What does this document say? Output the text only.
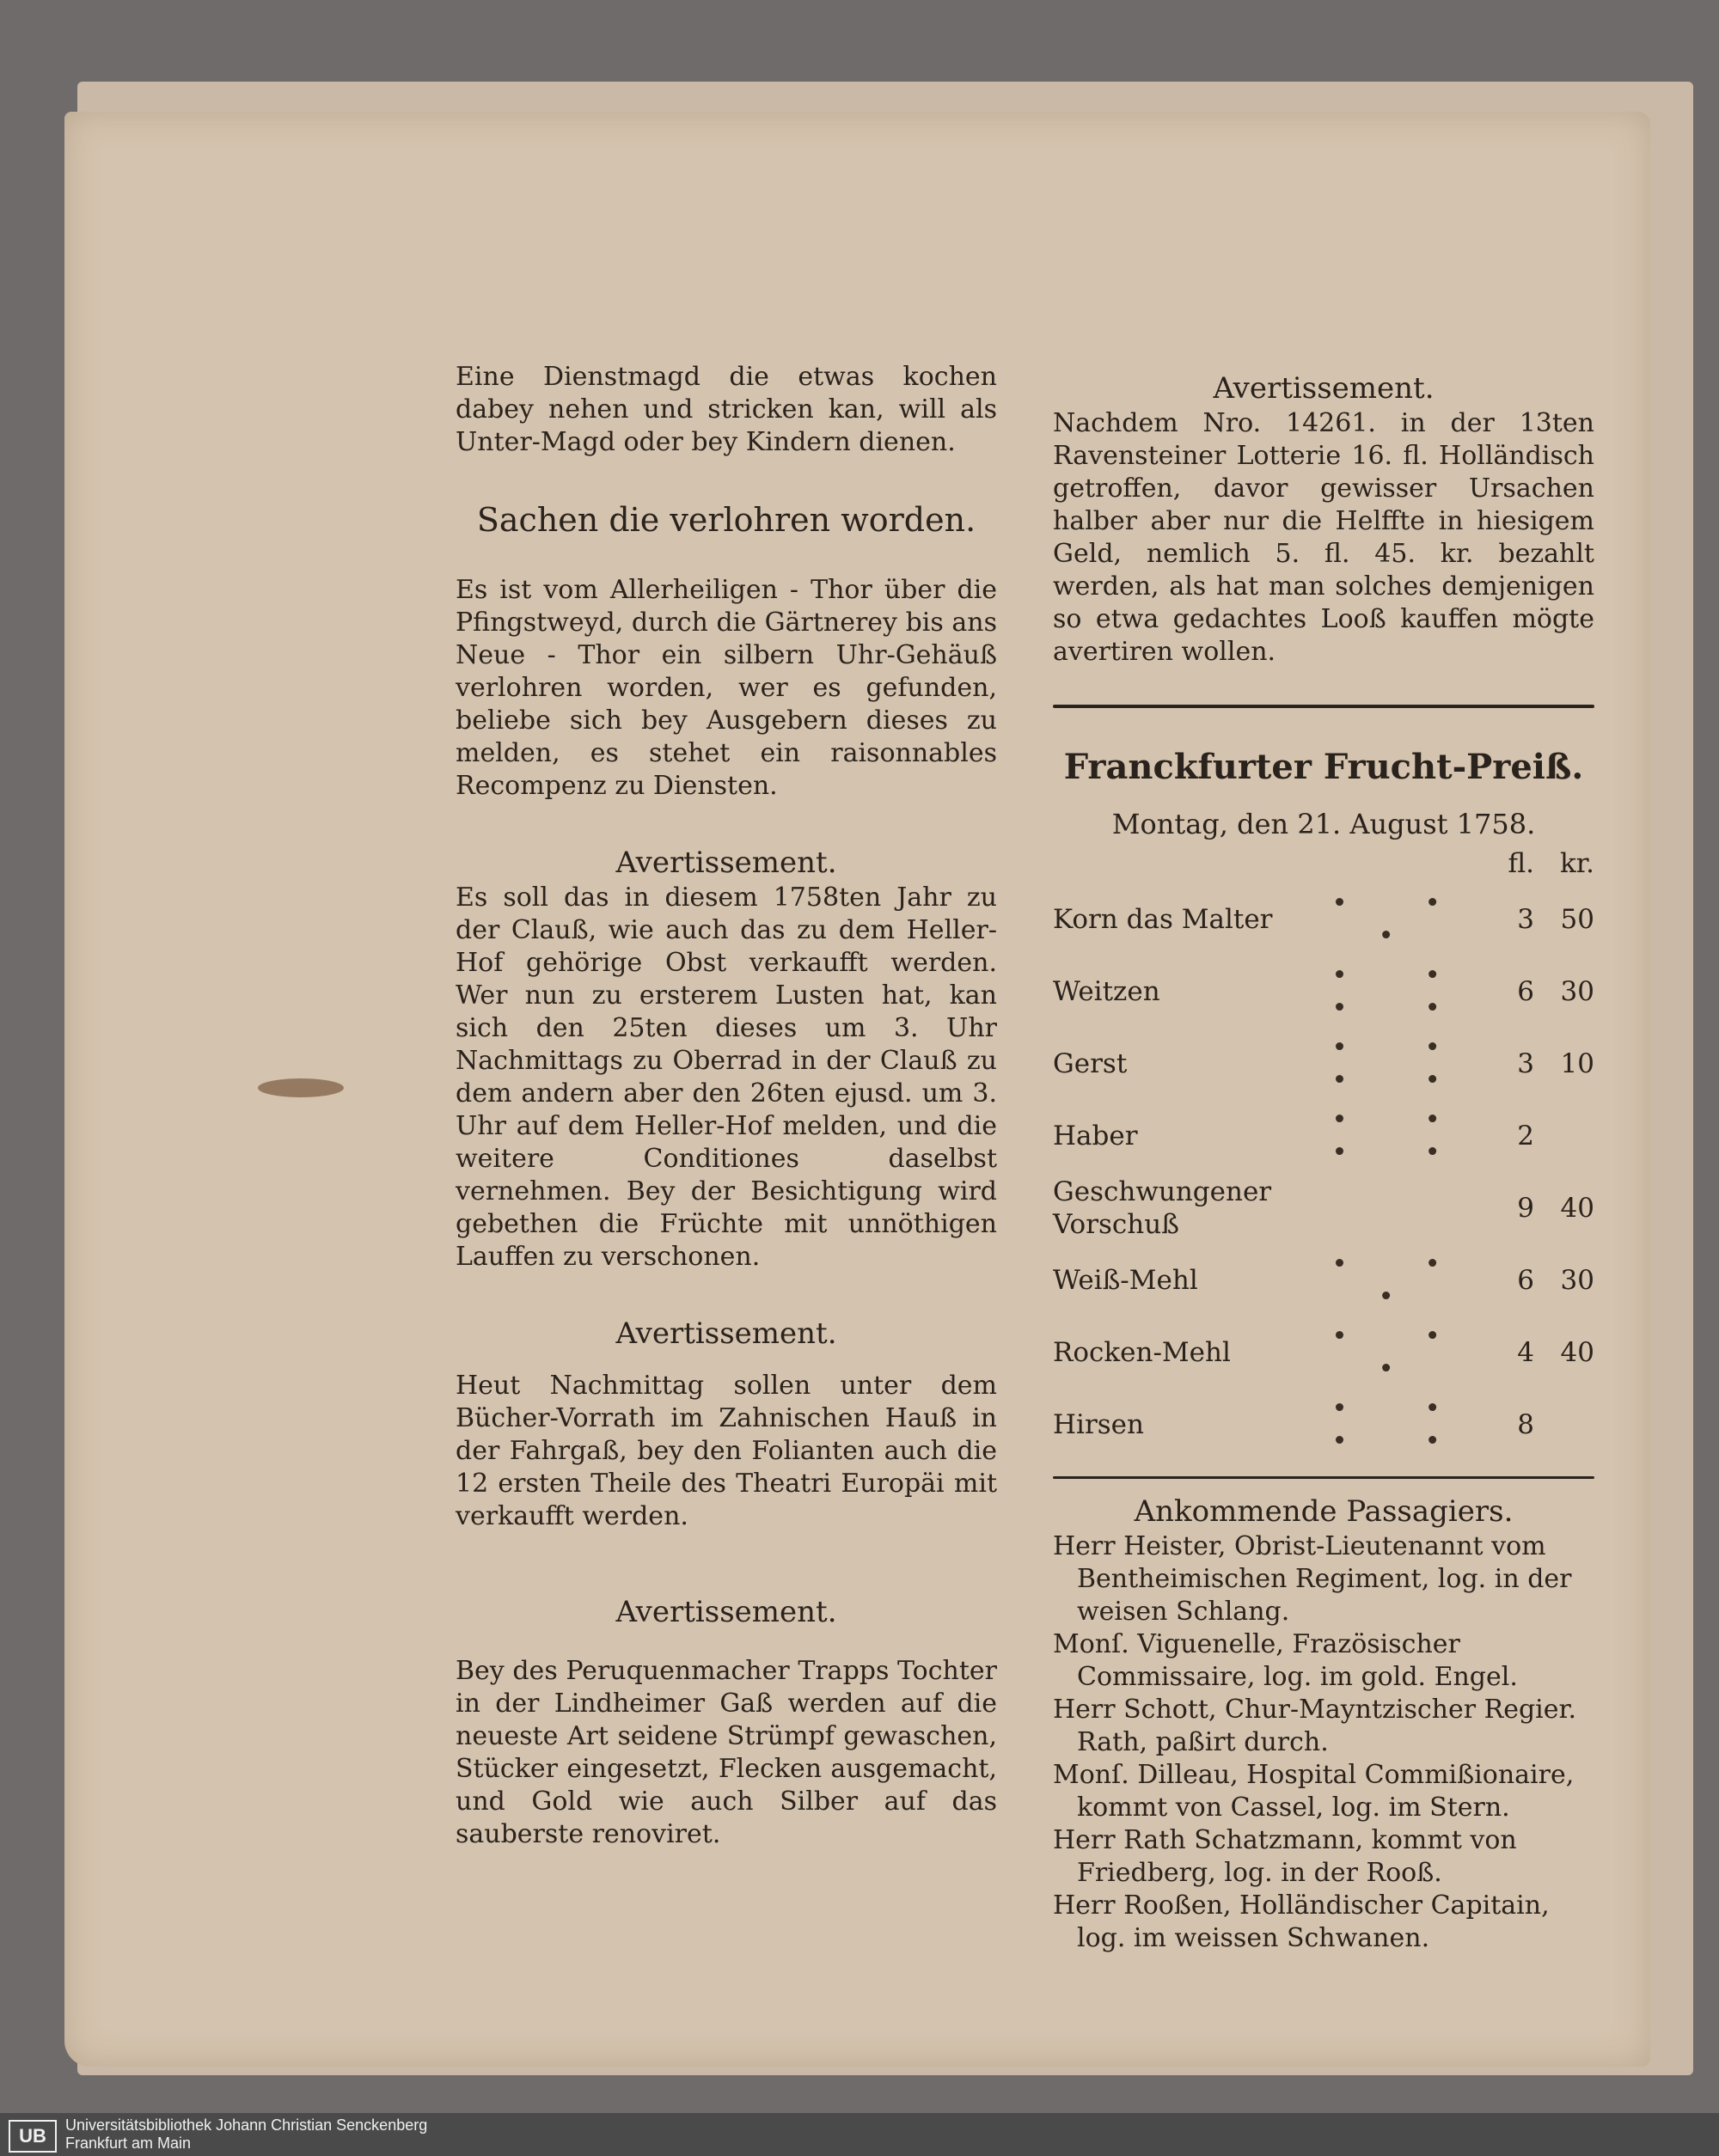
Eine Dienstmagd die etwas kochen dabey nehen und stricken kan, will als Unter-Magd oder bey Kindern dienen.

Sachen die verlohren worden.

Es ist vom Allerheiligen - Thor über die Pfingstweyd, durch die Gärtnerey bis ans Neue - Thor ein silbern Uhr-Gehäuß verlohren worden, wer es gefunden, beliebe sich bey Ausgebern dieses zu melden, es stehet ein raisonnables Recompenz zu Diensten.

Avertissement.

Es soll das in diesem 1758ten Jahr zu der Clauß, wie auch das zu dem Heller-Hof gehörige Obst verkaufft werden. Wer nun zu ersterem Lusten hat, kan sich den 25ten dieses um 3. Uhr Nachmittags zu Oberrad in der Clauß zu dem andern aber den 26ten ejusd. um 3. Uhr auf dem Heller-Hof melden, und die weitere Conditiones daselbst vernehmen. Bey der Besichtigung wird gebethen die Früchte mit unnöthigen Lauffen zu verschonen.

Avertissement.

Heut Nachmittag sollen unter dem Bücher-Vorrath im Zahnischen Hauß in der Fahrgaß, bey den Folianten auch die 12 ersten Theile des Theatri Europäi mit verkaufft werden.

Avertissement.

Bey des Peruquenmacher Trapps Tochter in der Lindheimer Gaß werden auf die neueste Art seidene Strümpf gewaschen, Stücker eingesetzt, Flecken ausgemacht, und Gold wie auch Silber auf das sauberste renoviret.

Avertissement.

Nachdem Nro. 14261. in der 13ten Ravensteiner Lotterie 16. fl. Holländisch getroffen, davor gewisser Ursachen halber aber nur die Helffte in hiesigem Geld, nemlich 5. fl. 45. kr. bezahlt werden, als hat man solches demjenigen so etwa gedachtes Looß kauffen mögte avertiren wollen.

Franckfurter Frucht-Preiß.
Montag, den 21. August 1758.
		fl.	kr.
Korn das Malter	• • •	3	50
Weitzen	• • • •	6	30
Gerst	• • • •	3	10
Haber	• • • •	2	
Geschwungener Vorschuß		9	40
Weiß-Mehl	• • •	6	30
Rocken-Mehl	• • •	4	40
Hirsen	• • • •	8	
Ankommende Passagiers.

Herr Heister, Obrist-Lieutenannt vom Bentheimischen Regiment, log. in der weisen Schlang.

Monſ. Viguenelle, Frazösischer Commissaire, log. im gold. Engel.

Herr Schott, Chur-Mayntzischer Regier. Rath, paßirt durch.

Monſ. Dilleau, Hospital Commißionaire, kommt von Cassel, log. im Stern.

Herr Rath Schatzmann, kommt von Friedberg, log. in der Rooß.

Herr Rooßen, Holländischer Capitain, log. im weissen Schwanen.

UB	Universitätsbibliothek Johann Christian Senckenberg
Frankfurt am Main
